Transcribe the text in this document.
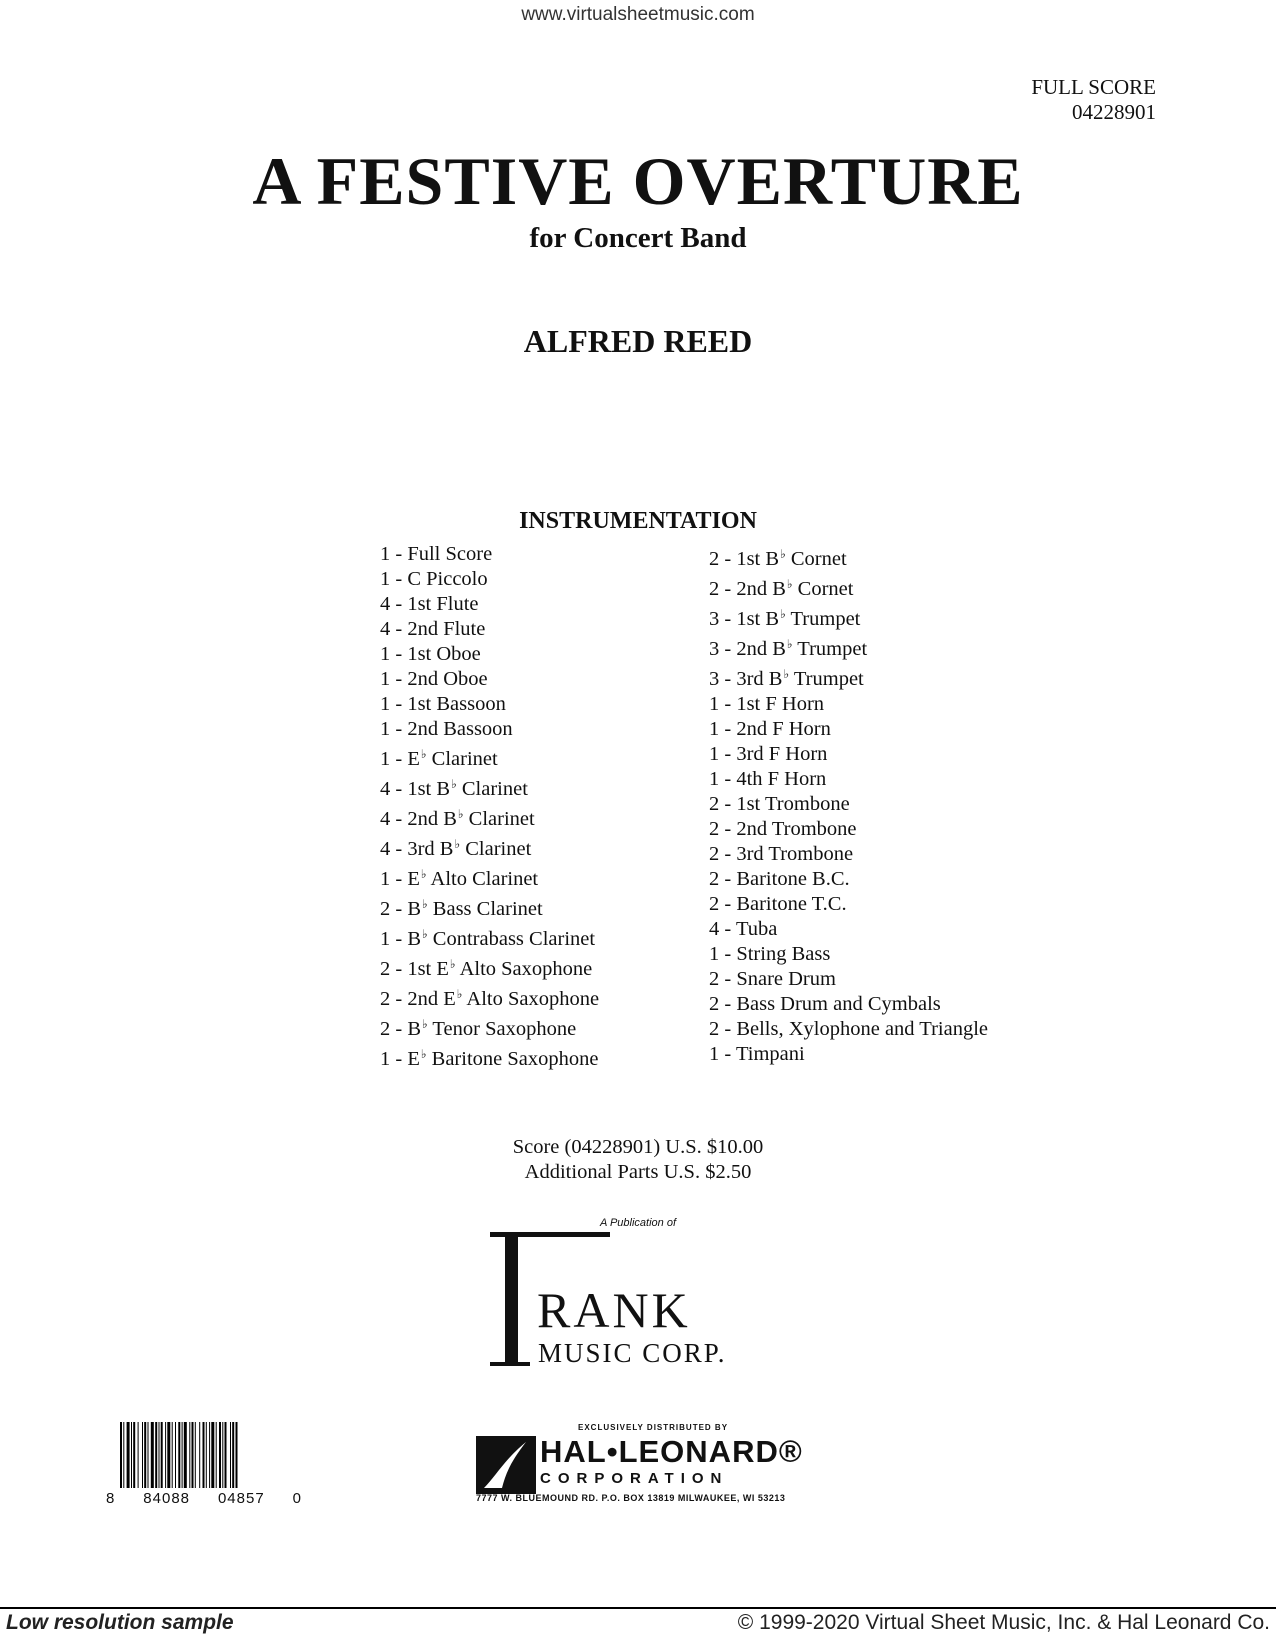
www.virtualsheetmusic.com
FULL SCORE
04228901
A FESTIVE OVERTURE
for Concert Band
ALFRED REED
INSTRUMENTATION
1 - Full Score
1 - C Piccolo
4 - 1st Flute
4 - 2nd Flute
1 - 1st Oboe
1 - 2nd Oboe
1 - 1st Bassoon
1 - 2nd Bassoon
1 - E♭ Clarinet
4 - 1st B♭ Clarinet
4 - 2nd B♭ Clarinet
4 - 3rd B♭ Clarinet
1 - E♭ Alto Clarinet
2 - B♭ Bass Clarinet
1 - B♭ Contrabass Clarinet
2 - 1st E♭ Alto Saxophone
2 - 2nd E♭ Alto Saxophone
2 - B♭ Tenor Saxophone
1 - E♭ Baritone Saxophone
2 - 1st B♭ Cornet
2 - 2nd B♭ Cornet
3 - 1st B♭ Trumpet
3 - 2nd B♭ Trumpet
3 - 3rd B♭ Trumpet
1 - 1st F Horn
1 - 2nd F Horn
1 - 3rd F Horn
1 - 4th F Horn
2 - 1st Trombone
2 - 2nd Trombone
2 - 3rd Trombone
2 - Baritone B.C.
2 - Baritone T.C.
4 - Tuba
1 - String Bass
2 - Snare Drum
2 - Bass Drum and Cymbals
2 - Bells, Xylophone and Triangle
1 - Timpani
Score (04228901) U.S. $10.00
Additional Parts U.S. $2.50
A Publication of
RANK
MUSIC CORP.
EXCLUSIVELY DISTRIBUTED BY
HAL•LEONARD®
CORPORATION
7777 W. BLUEMOUND RD. P.O. BOX 13819 MILWAUKEE, WI 53213
8 84088 04857 0
Low resolution sample	© 1999-2020 Virtual Sheet Music, Inc. & Hal Leonard Co.
